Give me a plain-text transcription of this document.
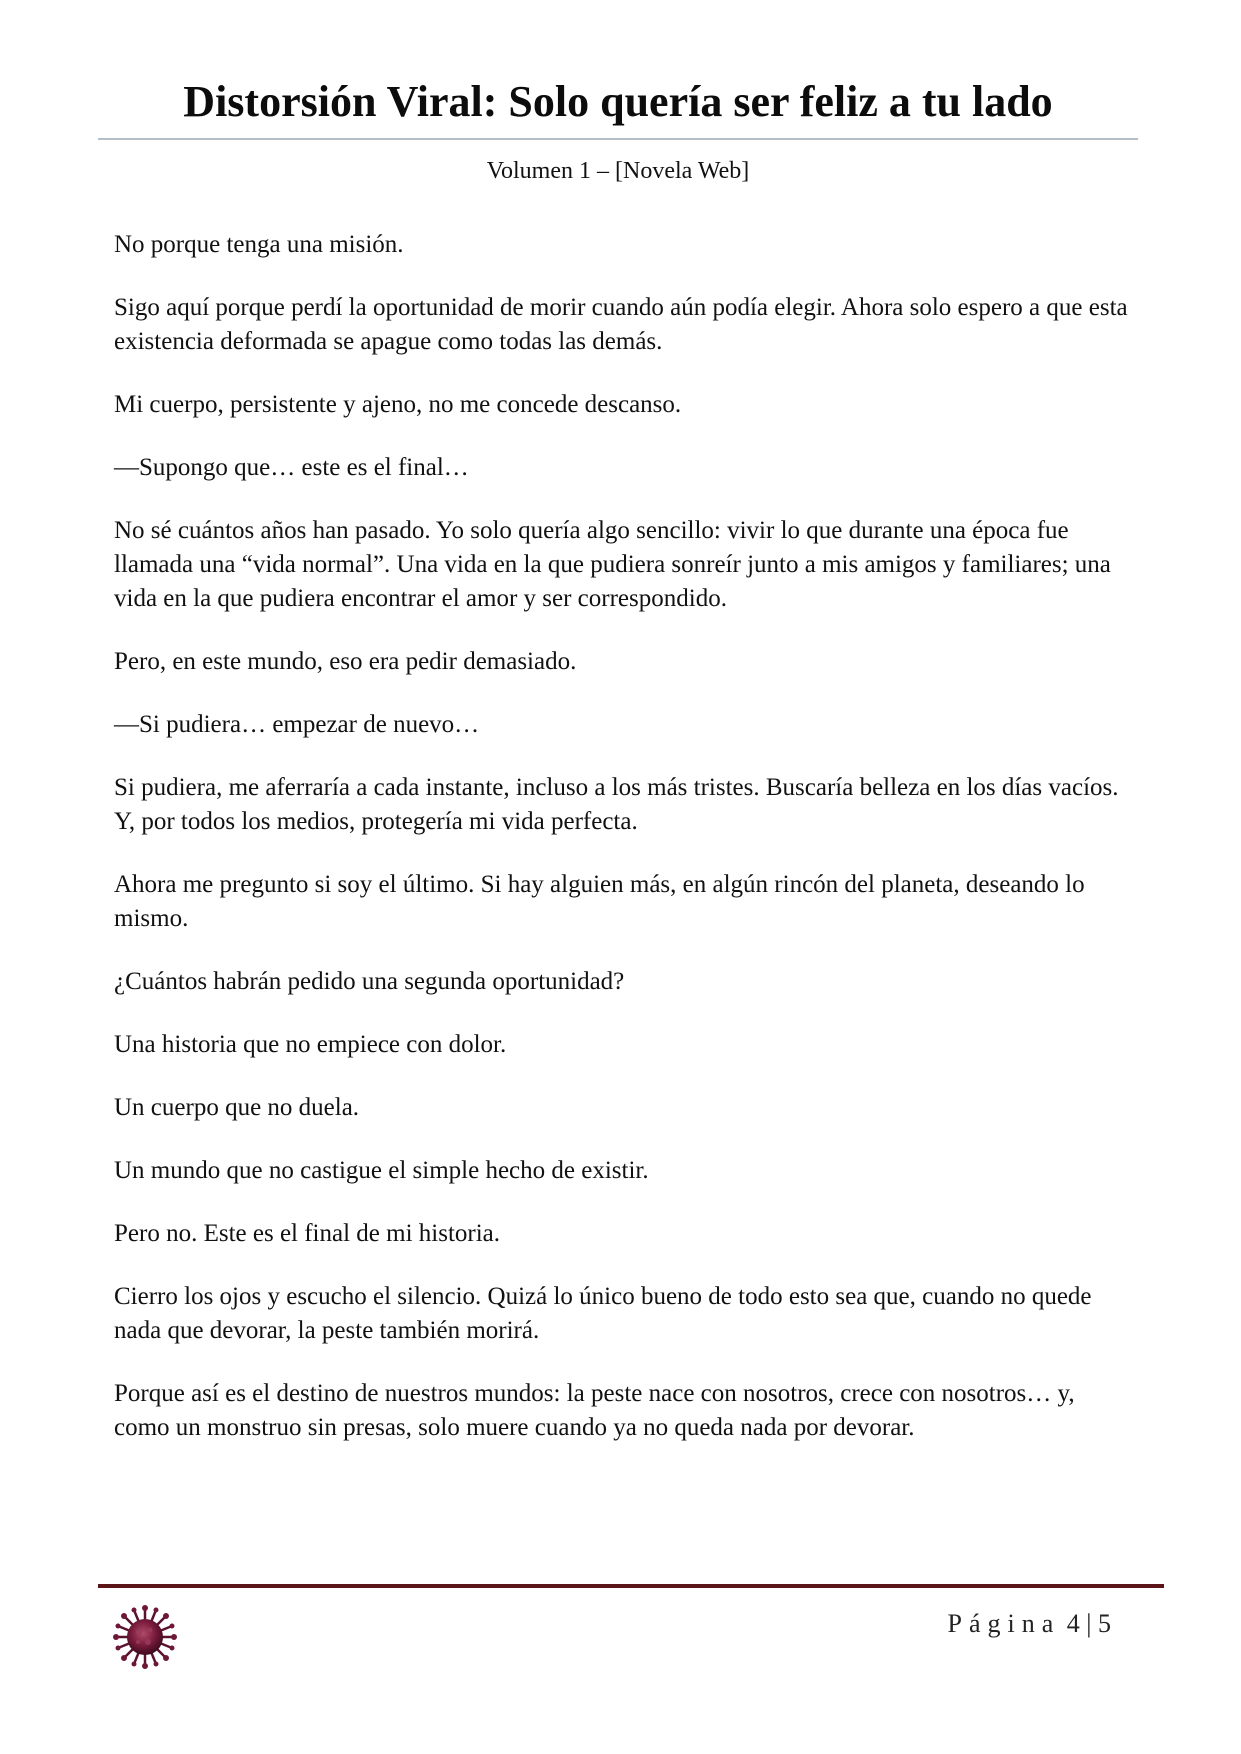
Distorsión Viral: Solo quería ser feliz a tu lado
Volumen 1 – [Novela Web]

No porque tenga una misión.

Sigo aquí porque perdí la oportunidad de morir cuando aún podía elegir. Ahora solo espero a que esta existencia deformada se apague como todas las demás.

Mi cuerpo, persistente y ajeno, no me concede descanso.

—Supongo que… este es el final…

No sé cuántos años han pasado. Yo solo quería algo sencillo: vivir lo que durante una época fue llamada una “vida normal”. Una vida en la que pudiera sonreír junto a mis amigos y familiares; una vida en la que pudiera encontrar el amor y ser correspondido.

Pero, en este mundo, eso era pedir demasiado.

—Si pudiera… empezar de nuevo…

Si pudiera, me aferraría a cada instante, incluso a los más tristes. Buscaría belleza en los días vacíos. Y, por todos los medios, protegería mi vida perfecta.

Ahora me pregunto si soy el último. Si hay alguien más, en algún rincón del planeta, deseando lo mismo.

¿Cuántos habrán pedido una segunda oportunidad?

Una historia que no empiece con dolor.

Un cuerpo que no duela.

Un mundo que no castigue el simple hecho de existir.

Pero no. Este es el final de mi historia.

Cierro los ojos y escucho el silencio. Quizá lo único bueno de todo esto sea que, cuando no quede nada que devorar, la peste también morirá.

Porque así es el destino de nuestros mundos: la peste nace con nosotros, crece con nosotros… y, como un monstruo sin presas, solo muere cuando ya no queda nada por devorar.

Página 4 | 5
